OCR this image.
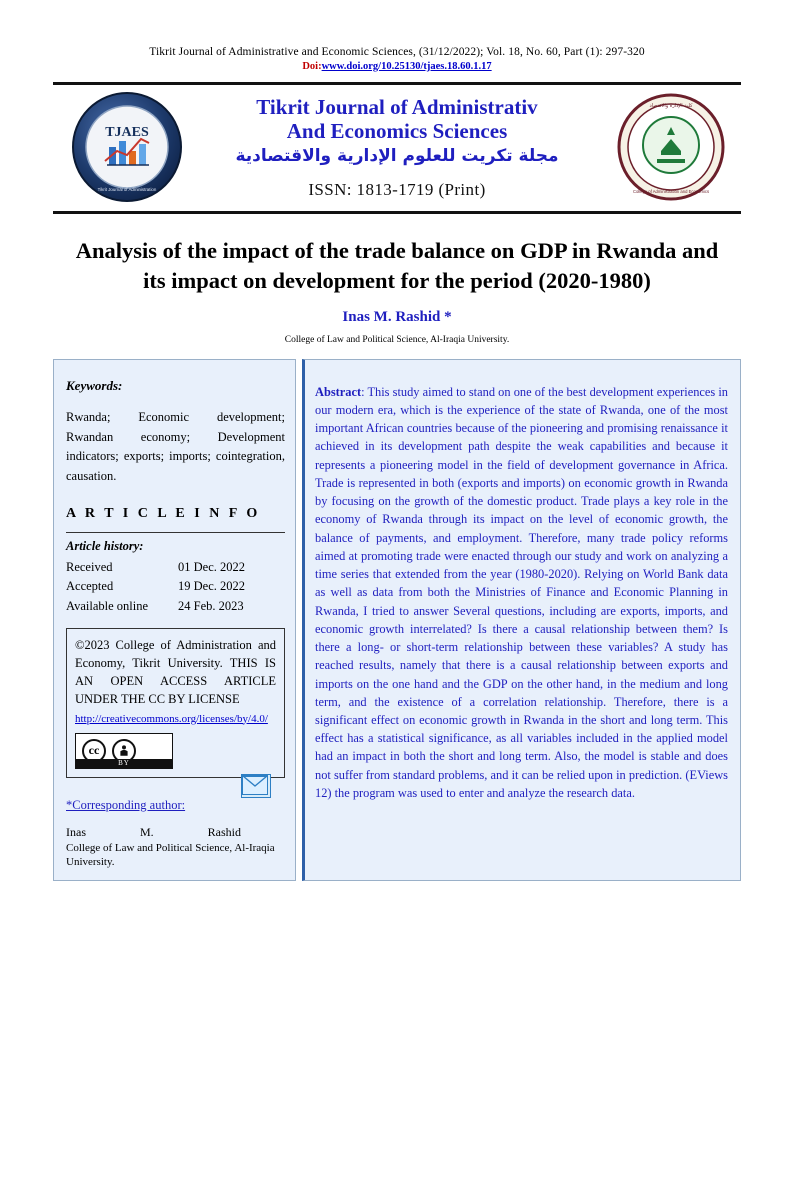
Tikrit Journal of Administrative and Economic Sciences, (31/12/2022); Vol. 18, No. 60, Part (1): 297-320
Doi:www.doi.org/10.25130/tjaes.18.60.1.17
TJAES
Tikrit Journal of Administration
Tikrit Journal of Administrativ
And Economics Sciences
مجلة تكريت للعلوم الإدارية والاقتصادية
ISSN: 1813-1719 (Print)
كلية الإدارة والاقتصاد
College of Administration and Economics
Analysis of the impact of the trade balance on GDP in Rwanda and its impact on development for the period (2020-1980)
Inas M. Rashid *
College of Law and Political Science, Al-Iraqia University.
Keywords:
Rwanda; Economic development; Rwandan economy; Development indicators; exports; imports; cointegration, causation.
A R T I C L E I N F O
Article history:
Received	01 Dec. 2022
Accepted	19 Dec. 2022
Available online	24 Feb. 2023
©2023 College of Administration and Economy, Tikrit University. THIS IS AN OPEN ACCESS ARTICLE UNDER THE CC BY LICENSE
http://creativecommons.org/licenses/by/4.0/
cc
BY
*Corresponding author:
Inas	M.	Rashid
College of Law and Political Science, Al-Iraqia University.

Abstract: This study aimed to stand on one of the best development experiences in our modern era, which is the experience of the state of Rwanda, one of the most important African countries because of the pioneering and promising renaissance it achieved in its development path despite the weak capabilities and because it represents a pioneering model in the field of development governance in Africa. Trade is represented in both (exports and imports) on economic growth in Rwanda by focusing on the growth of the domestic product. Trade plays a key role in the economy of Rwanda through its impact on the level of economic growth, the balance of payments, and employment. Therefore, many trade policy reforms aimed at promoting trade were enacted through our study and work on analyzing a time series that extended from the year (1980-2020). Relying on World Bank data as well as data from both the Ministries of Finance and Economic Planning in Rwanda, I tried to answer Several questions, including are exports, imports, and economic growth interrelated? Is there a causal relationship between them? Is there a long- or short-term relationship between these variables? A study has reached results, namely that there is a causal relationship between exports and imports on the one hand and the GDP on the other hand, in the medium and long term, and the existence of a correlation relationship. Therefore, there is a significant effect on economic growth in Rwanda in the short and long term. This effect has a statistical significance, as all variables included in the applied model had an impact in both the short and long term. Also, the model is stable and does not suffer from standard problems, and it can be relied upon in prediction. (EViews 12) the program was used to enter and analyze the research data.
